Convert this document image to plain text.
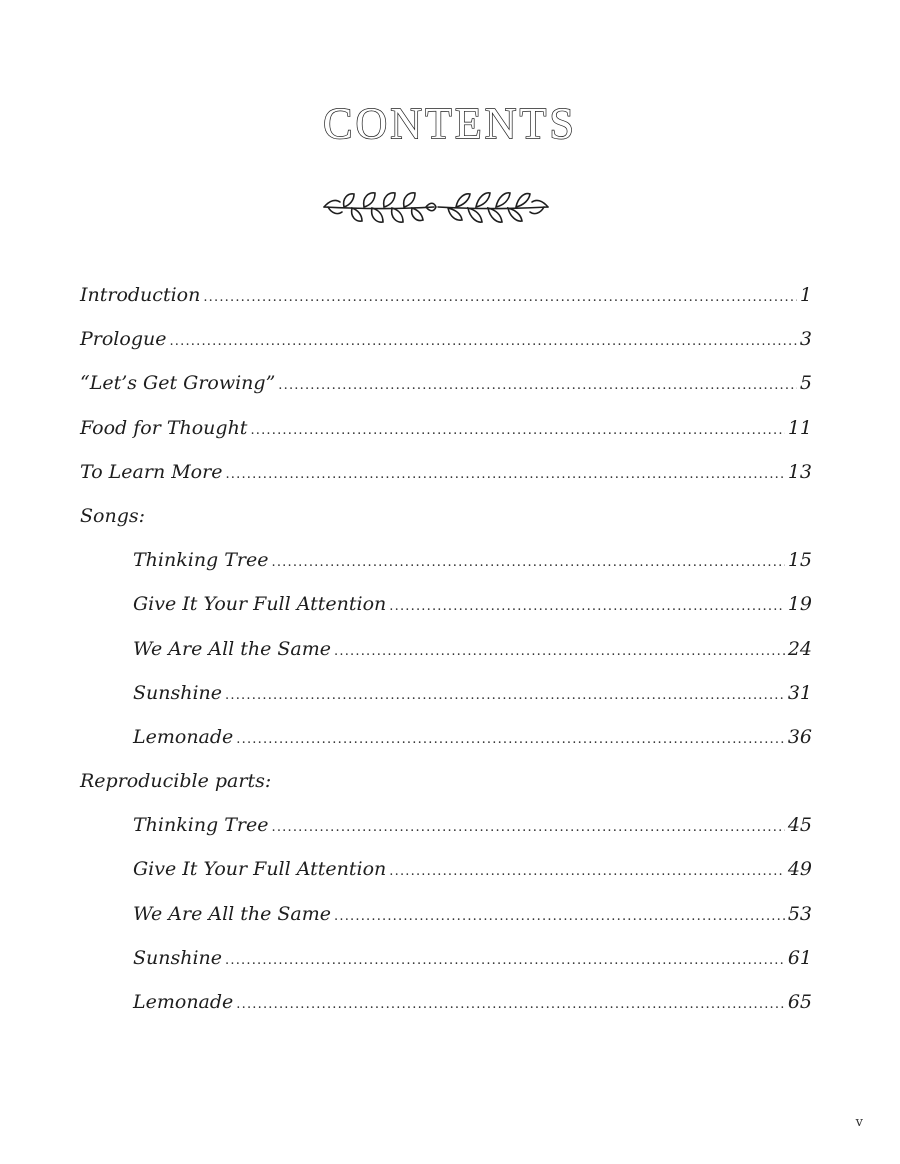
CONTENTS
Introduction .....	1
Prologue .....	3
“Let’s Get Growing” .....	5
Food for Thought .....	11
To Learn More .....	13
Songs:
Thinking Tree .....	15
Give It Your Full Attention .....	19
We Are All the Same .....	24
Sunshine .....	31
Lemonade .....	36
Reproducible parts:
Thinking Tree .....	45
Give It Your Full Attention .....	49
We Are All the Same .....	53
Sunshine .....	61
Lemonade .....	65
v
